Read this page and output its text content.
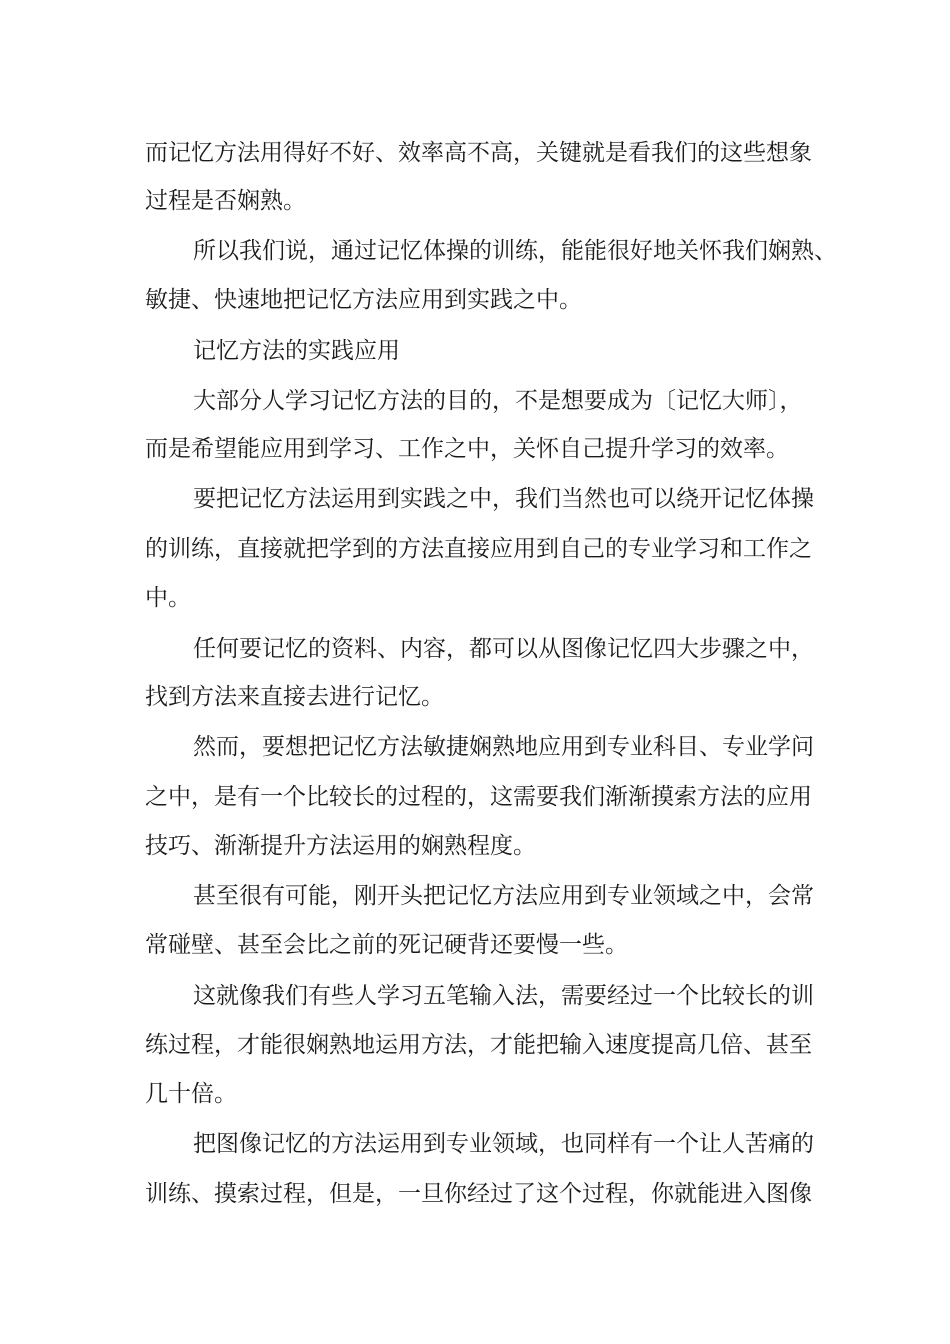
而记忆方法用得好不好、效率高不高，关键就是看我们的这些想象
过程是否娴熟。
所以我们说，通过记忆体操的训练，能能很好地关怀我们娴熟、
敏捷、快速地把记忆方法应用到实践之中。
记忆方法的实践应用
大部分人学习记忆方法的目的，不是想要成为〔记忆大师〕，
而是希望能应用到学习、工作之中，关怀自己提升学习的效率。
要把记忆方法运用到实践之中，我们当然也可以绕开记忆体操
的训练，直接就把学到的方法直接应用到自己的专业学习和工作之
中。
任何要记忆的资料、内容，都可以从图像记忆四大步骤之中，
找到方法来直接去进行记忆。
然而，要想把记忆方法敏捷娴熟地应用到专业科目、专业学问
之中，是有一个比较长的过程的，这需要我们渐渐摸索方法的应用
技巧、渐渐提升方法运用的娴熟程度。
甚至很有可能，刚开头把记忆方法应用到专业领域之中，会常
常碰壁、甚至会比之前的死记硬背还要慢一些。
这就像我们有些人学习五笔输入法，需要经过一个比较长的训
练过程，才能很娴熟地运用方法，才能把输入速度提高几倍、甚至
几十倍。
把图像记忆的方法运用到专业领域，也同样有一个让人苦痛的
训练、摸索过程，但是，一旦你经过了这个过程，你就能进入图像
